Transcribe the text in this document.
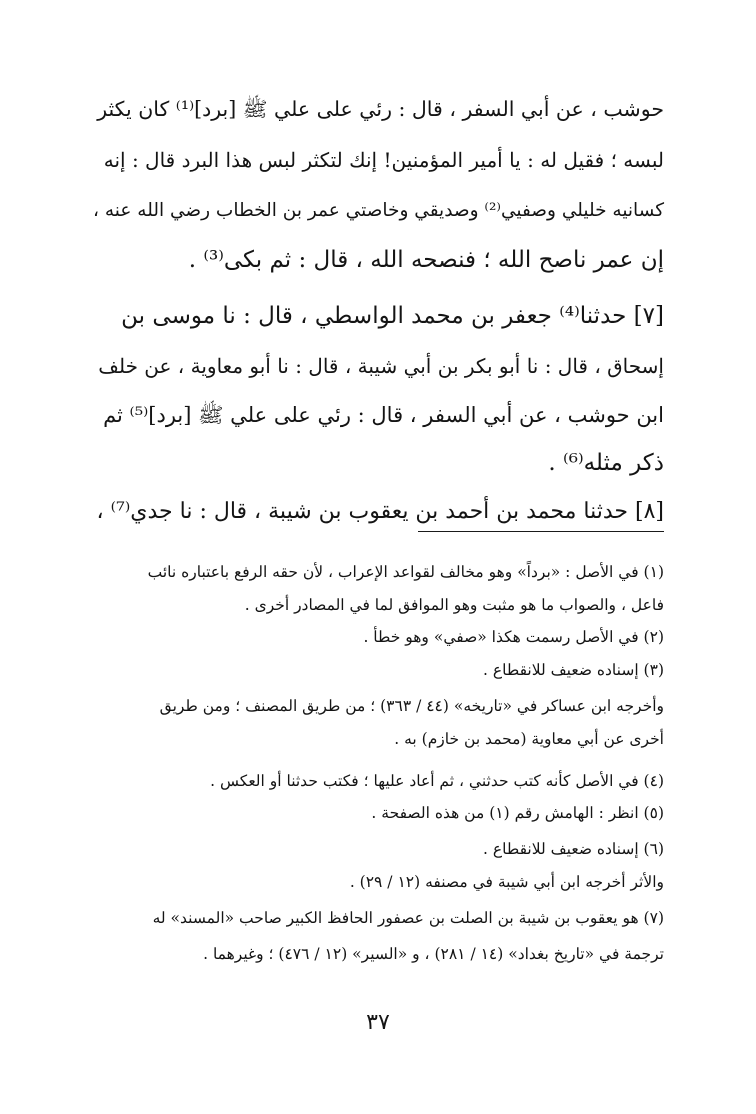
حوشب ، عن أبي السفر ، قال : رئي على علي ﷺ [برد]⁽¹⁾ كان يكثر
لبسه ؛ فقيل له : يا أمير المؤمنين! إنك لتكثر لبس هذا البرد قال : إنه
كسانيه خليلي وصفيي⁽²⁾ وصديقي وخاصتي عمر بن الخطاب رضي الله عنه ،
إن عمر ناصح الله ؛ فنصحه الله ، قال : ثم بكى⁽³⁾ .
[٧] حدثنا⁽⁴⁾ جعفر بن محمد الواسطي ، قال : نا موسى بن
إسحاق ، قال : نا أبو بكر بن أبي شيبة ، قال : نا أبو معاوية ، عن خلف
ابن حوشب ، عن أبي السفر ، قال : رئي على علي ﷺ [برد]⁽⁵⁾ ثم
ذكر مثله⁽⁶⁾ .
[٨] حدثنا محمد بن أحمد بن يعقوب بن شيبة ، قال : نا جدي⁽⁷⁾ ،
(١) في الأصل : «برداً» وهو مخالف لقواعد الإعراب ، لأن حقه الرفع باعتباره نائب
فاعل ، والصواب ما هو مثبت وهو الموافق لما في المصادر أخرى .
(٢) في الأصل رسمت هكذا «صفي» وهو خطأ .
(٣) إسناده ضعيف للانقطاع .
وأخرجه ابن عساكر في «تاريخه» (٤٤ / ٣٦٣) ؛ من طريق المصنف ؛ ومن طريق
أخرى عن أبي معاوية (محمد بن خازم) به .
(٤) في الأصل كأنه كتب حدثني ، ثم أعاد عليها ؛ فكتب حدثنا أو العكس .
(٥) انظر : الهامش رقم (١) من هذه الصفحة .
(٦) إسناده ضعيف للانقطاع .
والأثر أخرجه ابن أبي شيبة في مصنفه (١٢ / ٢٩) .
(٧) هو يعقوب بن شيبة بن الصلت بن عصفور الحافظ الكبير صاحب «المسند» له
ترجمة في «تاريخ بغداد» (١٤ / ٢٨١) ، و «السير» (١٢ / ٤٧٦) ؛ وغيرهما .
٣٧
